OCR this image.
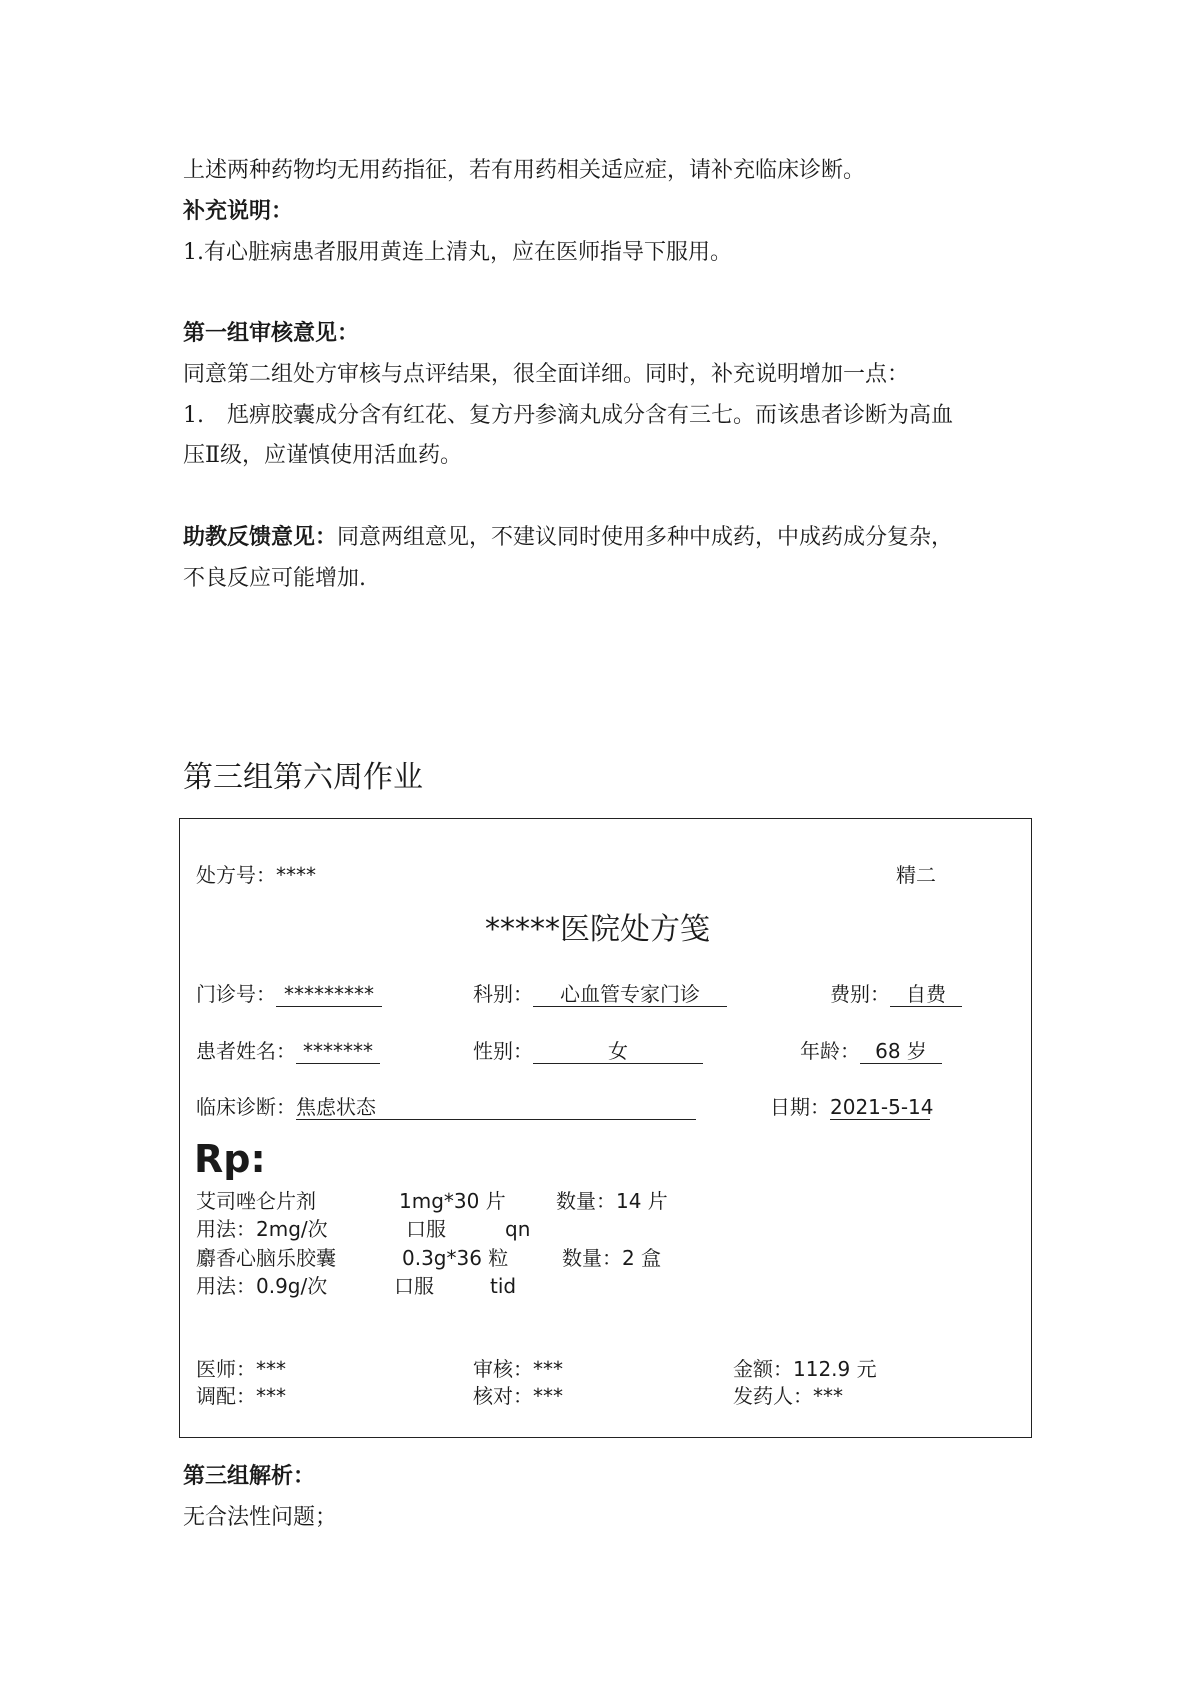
上述两种药物均无用药指征，若有用药相关适应症，请补充临床诊断。
补充说明：
1.有心脏病患者服用黄连上清丸，应在医师指导下服用。
第一组审核意见：
同意第二组处方审核与点评结果，很全面详细。同时，补充说明增加一点：
1. 尪痹胶囊成分含有红花、复方丹参滴丸成分含有三七。而该患者诊断为高血
压Ⅱ级，应谨慎使用活血药。
助教反馈意见：同意两组意见，不建议同时使用多种中成药，中成药成分复杂，
不良反应可能增加.
第三组第六周作业
处方号：****	精二
*****医院处方笺
门诊号： *********	科别： 心血管专家门诊	费别： 自费
患者姓名： *******	性别：	女	年龄： 68 岁
临床诊断：焦虑状态	日期：2021-5-14
Rp:
艾司唑仑片剂	1mg*30 片	数量：14 片
用法：2mg/次	口服	qn
麝香心脑乐胶囊	0.3g*36 粒	数量：2 盒
用法：0.9g/次	口服	tid
医师：***	审核：***	金额：112.9 元
调配：***	核对：***	发药人：***
第三组解析：
无合法性问题；
